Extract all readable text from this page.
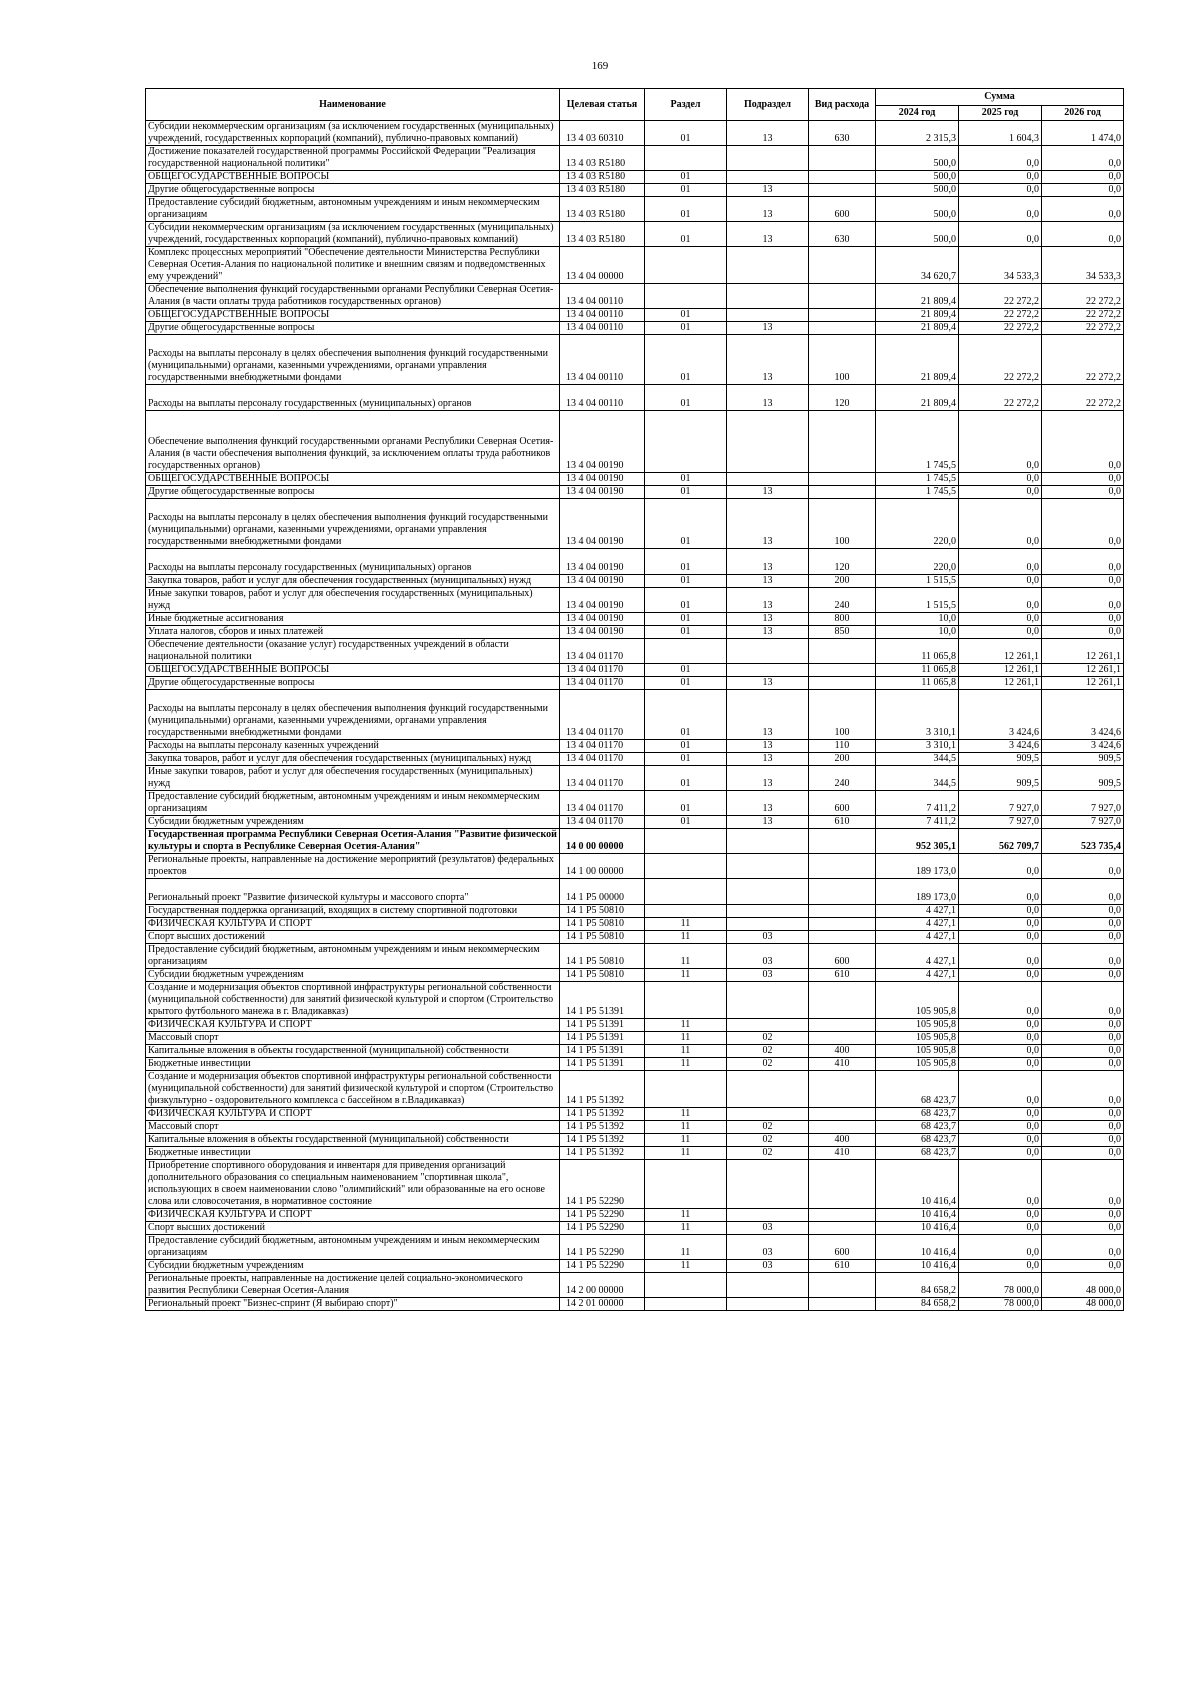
169
Наименование	Целевая статья	Раздел	Подраздел	Вид расхода	Сумма		
					2024 год	2025 год	2026 год
Субсидии некоммерческим организациям (за исключением государственных (муниципальных) учреждений, государственных корпораций (компаний), публично-правовых компаний)	13 4 03 60310	01	13	630	2 315,3	1 604,3	1 474,0
Достижение показателей государственной программы Российской Федерации "Реализация государственной национальной политики"	13 4 03 R5180				500,0	0,0	0,0
ОБЩЕГОСУДАРСТВЕННЫЕ ВОПРОСЫ	13 4 03 R5180	01			500,0	0,0	0,0
Другие общегосударственные вопросы	13 4 03 R5180	01	13		500,0	0,0	0,0
Предоставление субсидий бюджетным, автономным учреждениям и иным некоммерческим организациям	13 4 03 R5180	01	13	600	500,0	0,0	0,0
Субсидии некоммерческим организациям (за исключением государственных (муниципальных) учреждений, государственных корпораций (компаний), публично-правовых компаний)	13 4 03 R5180	01	13	630	500,0	0,0	0,0
Комплекс процессных мероприятий "Обеспечение деятельности Министерства Республики Северная Осетия-Алания по национальной политике и внешним связям и подведомственных ему учреждений"	13 4 04 00000				34 620,7	34 533,3	34 533,3
Обеспечение выполнения функций государственными органами Республики Северная Осетия-Алания (в части оплаты труда работников государственных органов)	13 4 04 00110				21 809,4	22 272,2	22 272,2
ОБЩЕГОСУДАРСТВЕННЫЕ ВОПРОСЫ	13 4 04 00110	01			21 809,4	22 272,2	22 272,2
Другие общегосударственные вопросы	13 4 04 00110	01	13		21 809,4	22 272,2	22 272,2
Расходы на выплаты персоналу в целях обеспечения выполнения функций государственными (муниципальными) органами, казенными учреждениями, органами управления государственными внебюджетными фондами	13 4 04 00110	01	13	100	21 809,4	22 272,2	22 272,2
Расходы на выплаты персоналу государственных (муниципальных) органов	13 4 04 00110	01	13	120	21 809,4	22 272,2	22 272,2
Обеспечение выполнения функций государственными органами Республики Северная Осетия-Алания (в части обеспечения выполнения функций, за исключением оплаты труда работников государственных органов)	13 4 04 00190				1 745,5	0,0	0,0
ОБЩЕГОСУДАРСТВЕННЫЕ ВОПРОСЫ	13 4 04 00190	01			1 745,5	0,0	0,0
Другие общегосударственные вопросы	13 4 04 00190	01	13		1 745,5	0,0	0,0
Расходы на выплаты персоналу в целях обеспечения выполнения функций государственными (муниципальными) органами, казенными учреждениями, органами управления государственными внебюджетными фондами	13 4 04 00190	01	13	100	220,0	0,0	0,0
Расходы на выплаты персоналу государственных (муниципальных) органов	13 4 04 00190	01	13	120	220,0	0,0	0,0
Закупка товаров, работ и услуг для обеспечения государственных (муниципальных) нужд	13 4 04 00190	01	13	200	1 515,5	0,0	0,0
Иные закупки товаров, работ и услуг для обеспечения государственных (муниципальных) нужд	13 4 04 00190	01	13	240	1 515,5	0,0	0,0
Иные бюджетные ассигнования	13 4 04 00190	01	13	800	10,0	0,0	0,0
Уплата налогов, сборов и иных платежей	13 4 04 00190	01	13	850	10,0	0,0	0,0
Обеспечение деятельности (оказание услуг) государственных учреждений в области национальной политики	13 4 04 01170				11 065,8	12 261,1	12 261,1
ОБЩЕГОСУДАРСТВЕННЫЕ ВОПРОСЫ	13 4 04 01170	01			11 065,8	12 261,1	12 261,1
Другие общегосударственные вопросы	13 4 04 01170	01	13		11 065,8	12 261,1	12 261,1
Расходы на выплаты персоналу в целях обеспечения выполнения функций государственными (муниципальными) органами, казенными учреждениями, органами управления государственными внебюджетными фондами	13 4 04 01170	01	13	100	3 310,1	3 424,6	3 424,6
Расходы на выплаты персоналу казенных учреждений	13 4 04 01170	01	13	110	3 310,1	3 424,6	3 424,6
Закупка товаров, работ и услуг для обеспечения государственных (муниципальных) нужд	13 4 04 01170	01	13	200	344,5	909,5	909,5
Иные закупки товаров, работ и услуг для обеспечения государственных (муниципальных) нужд	13 4 04 01170	01	13	240	344,5	909,5	909,5
Предоставление субсидий бюджетным, автономным учреждениям и иным некоммерческим организациям	13 4 04 01170	01	13	600	7 411,2	7 927,0	7 927,0
Субсидии бюджетным учреждениям	13 4 04 01170	01	13	610	7 411,2	7 927,0	7 927,0
Государственная программа Республики Северная Осетия-Алания "Развитие физической культуры и спорта в Республике Северная Осетия-Алания"	14 0 00 00000				952 305,1	562 709,7	523 735,4
Региональные проекты, направленные на достижение мероприятий (результатов) федеральных проектов	14 1 00 00000				189 173,0	0,0	0,0
Региональный проект "Развитие физической культуры и массового спорта"	14 1 P5 00000				189 173,0	0,0	0,0
Государственная поддержка организаций, входящих в систему спортивной подготовки	14 1 P5 50810				4 427,1	0,0	0,0
ФИЗИЧЕСКАЯ КУЛЬТУРА И СПОРТ	14 1 P5 50810	11			4 427,1	0,0	0,0
Спорт высших достижений	14 1 P5 50810	11	03		4 427,1	0,0	0,0
Предоставление субсидий бюджетным, автономным учреждениям и иным некоммерческим организациям	14 1 P5 50810	11	03	600	4 427,1	0,0	0,0
Субсидии бюджетным учреждениям	14 1 P5 50810	11	03	610	4 427,1	0,0	0,0
Создание и модернизация объектов спортивной инфраструктуры региональной собственности (муниципальной собственности) для занятий физической культурой и спортом (Строительство крытого футбольного манежа в г. Владикавказ)	14 1 P5 51391				105 905,8	0,0	0,0
ФИЗИЧЕСКАЯ КУЛЬТУРА И СПОРТ	14 1 P5 51391	11			105 905,8	0,0	0,0
Массовый спорт	14 1 P5 51391	11	02		105 905,8	0,0	0,0
Капитальные вложения в объекты государственной (муниципальной) собственности	14 1 P5 51391	11	02	400	105 905,8	0,0	0,0
Бюджетные инвестиции	14 1 P5 51391	11	02	410	105 905,8	0,0	0,0
Создание и модернизация объектов спортивной инфраструктуры региональной собственности (муниципальной собственности) для занятий физической культурой и спортом (Строительство физкультурно - оздоровительного комплекса с бассейном в г.Владикавказ)	14 1 P5 51392				68 423,7	0,0	0,0
ФИЗИЧЕСКАЯ КУЛЬТУРА И СПОРТ	14 1 P5 51392	11			68 423,7	0,0	0,0
Массовый спорт	14 1 P5 51392	11	02		68 423,7	0,0	0,0
Капитальные вложения в объекты государственной (муниципальной) собственности	14 1 P5 51392	11	02	400	68 423,7	0,0	0,0
Бюджетные инвестиции	14 1 P5 51392	11	02	410	68 423,7	0,0	0,0
Приобретение спортивного оборудования и инвентаря для приведения организаций дополнительного образования со специальным наименованием "спортивная школа", использующих в своем наименовании слово "олимпийский" или образованные на его основе слова или словосочетания, в нормативное состояние	14 1 P5 52290				10 416,4	0,0	0,0
ФИЗИЧЕСКАЯ КУЛЬТУРА И СПОРТ	14 1 P5 52290	11			10 416,4	0,0	0,0
Спорт высших достижений	14 1 P5 52290	11	03		10 416,4	0,0	0,0
Предоставление субсидий бюджетным, автономным учреждениям и иным некоммерческим организациям	14 1 P5 52290	11	03	600	10 416,4	0,0	0,0
Субсидии бюджетным учреждениям	14 1 P5 52290	11	03	610	10 416,4	0,0	0,0
Региональные проекты, направленные на достижение целей социально-экономического развития Республики Северная Осетия-Алания	14 2 00 00000				84 658,2	78 000,0	48 000,0
Региональный проект "Бизнес-спринт (Я выбираю спорт)"	14 2 01 00000				84 658,2	78 000,0	48 000,0
